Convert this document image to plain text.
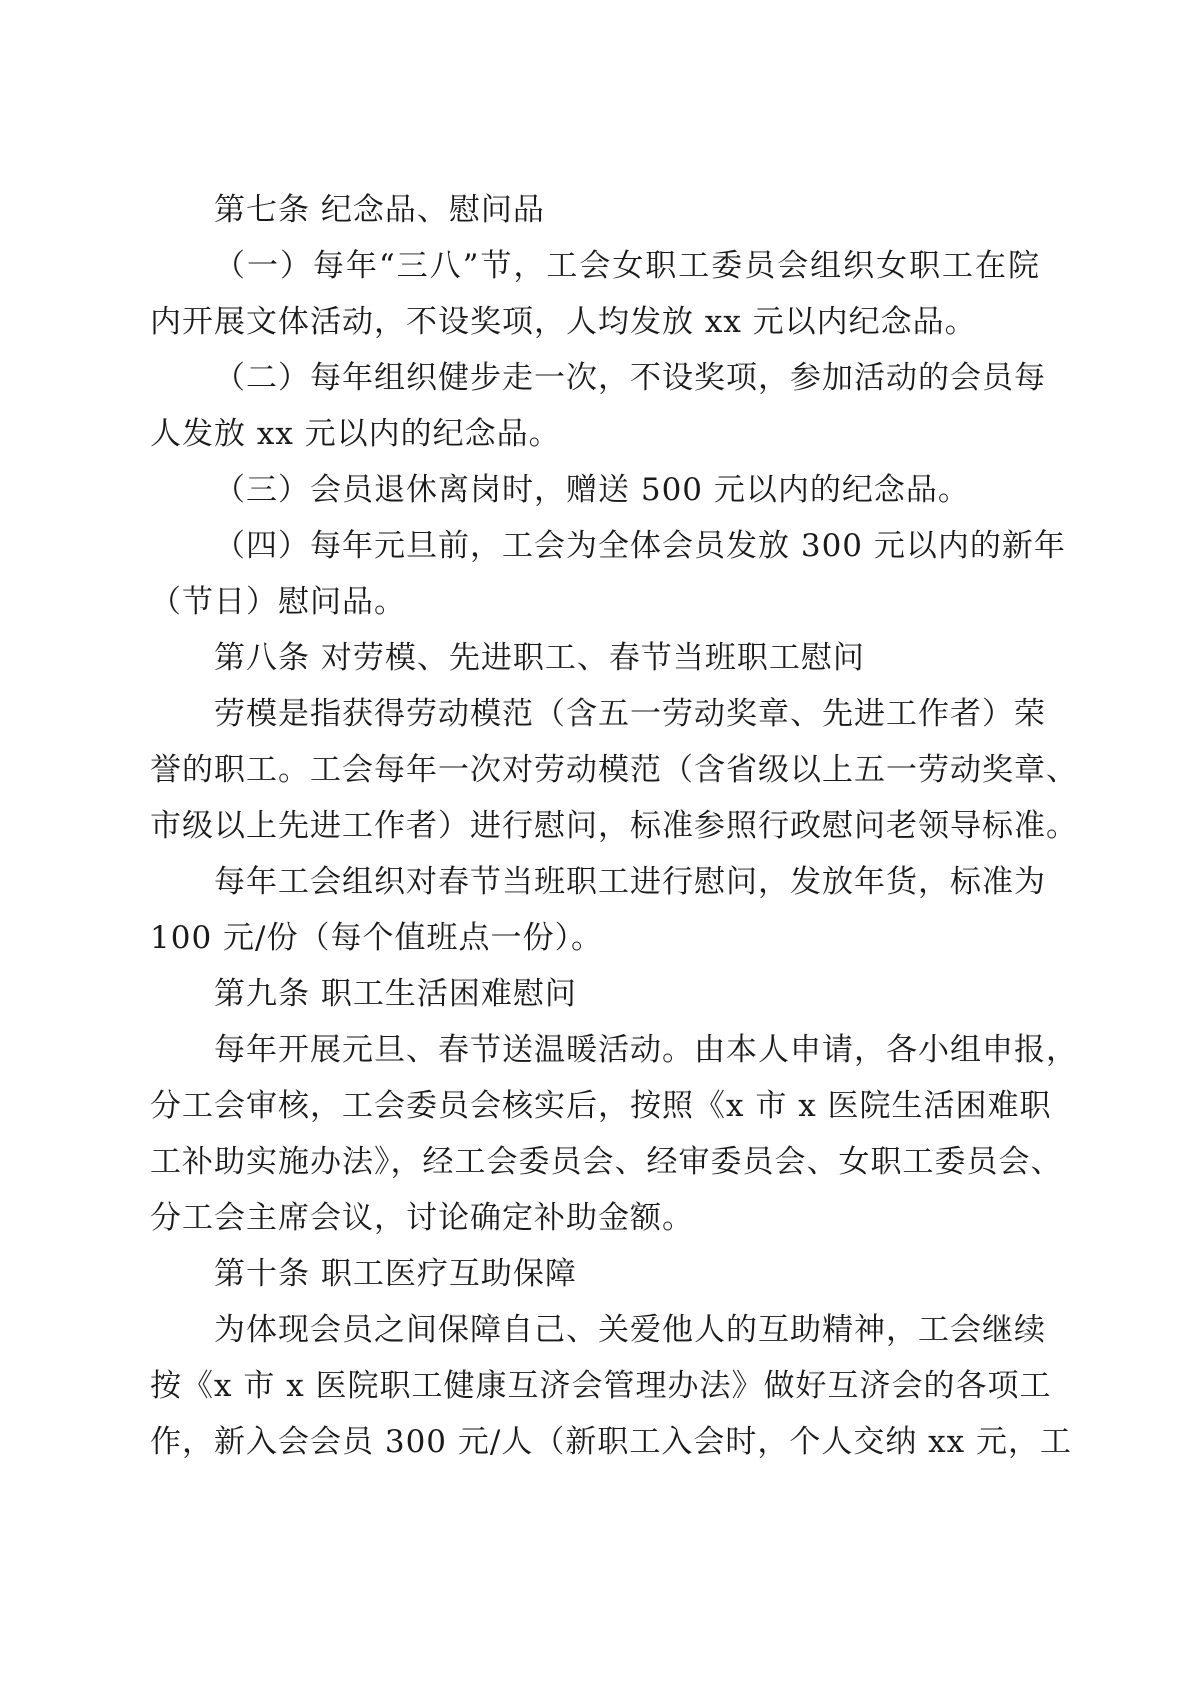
第七条 纪念品、慰问品
（一）每年“三八”节，工会女职工委员会组织女职工在院
内开展文体活动，不设奖项，人均发放 xx 元以内纪念品。
（二）每年组织健步走一次，不设奖项，参加活动的会员每
人发放 xx 元以内的纪念品。
（三）会员退休离岗时，赠送 500 元以内的纪念品。
（四）每年元旦前，工会为全体会员发放 300 元以内的新年
（节日）慰问品。
第八条 对劳模、先进职工、春节当班职工慰问
劳模是指获得劳动模范（含五一劳动奖章、先进工作者）荣
誉的职工。工会每年一次对劳动模范（含省级以上五一劳动奖章、
市级以上先进工作者）进行慰问，标准参照行政慰问老领导标准。
每年工会组织对春节当班职工进行慰问，发放年货，标准为
100 元/份（每个值班点一份）。
第九条 职工生活困难慰问
每年开展元旦、春节送温暖活动。由本人申请，各小组申报，
分工会审核，工会委员会核实后，按照《x 市 x 医院生活困难职
工补助实施办法》，经工会委员会、经审委员会、女职工委员会、
分工会主席会议，讨论确定补助金额。
第十条 职工医疗互助保障
为体现会员之间保障自己、关爱他人的互助精神，工会继续
按《x 市 x 医院职工健康互济会管理办法》做好互济会的各项工
作，新入会会员 300 元/人（新职工入会时，个人交纳 xx 元，工
